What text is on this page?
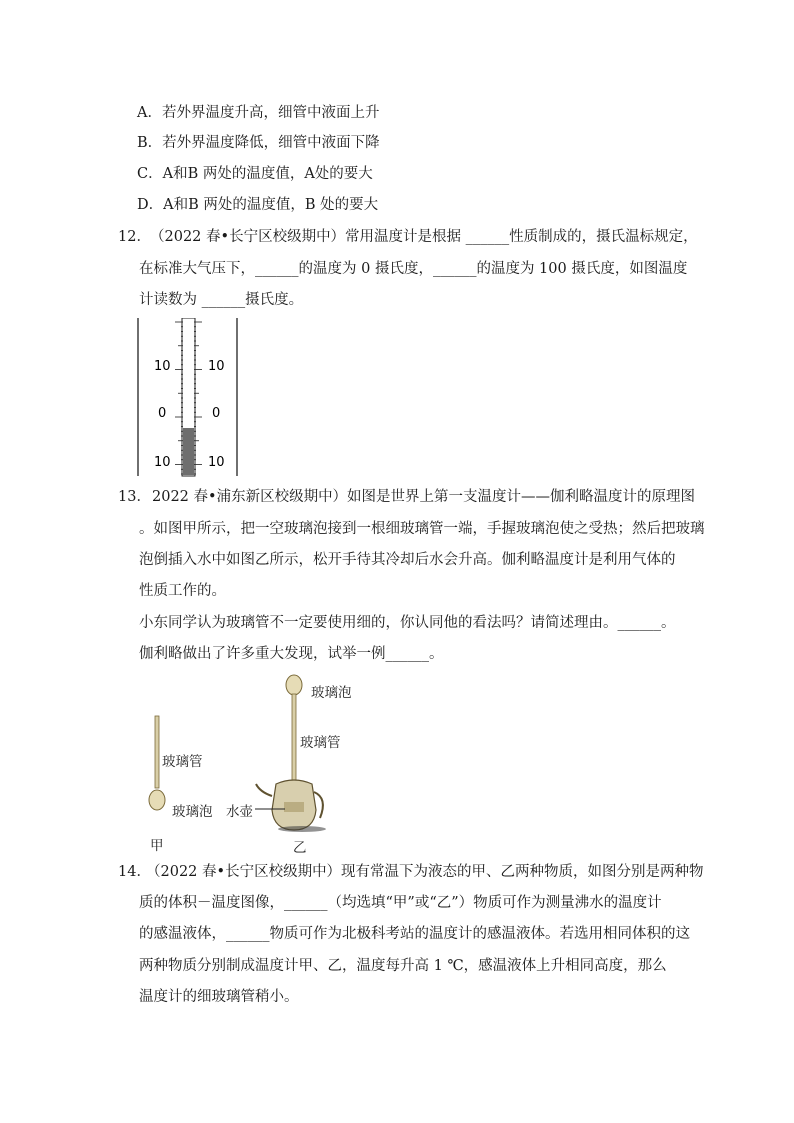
A．若外界温度升高，细管中液面上升
B．若外界温度降低，细管中液面下降
C．A和B 两处的温度值，A处的要大
D．A和B 两处的温度值，B 处的要大
12． （2022 春•长宁区校级期中）常用温度计是根据 ______性质制成的，摄氏温标规定，
在标准大气压下，______的温度为 0 摄氏度，______的温度为 100 摄氏度，如图温度
计读数为 ______摄氏度。
10
0
10
10
0
10
13． 2022 春•浦东新区校级期中）如图是世界上第一支温度计——伽利略温度计的原理图
。如图甲所示，把一空玻璃泡接到一根细玻璃管一端，手握玻璃泡使之受热；然后把玻璃
泡倒插入水中如图乙所示，松开手待其冷却后水会升高。伽利略温度计是利用气体的
性质工作的。
小东同学认为玻璃管不一定要使用细的，你认同他的看法吗？请简述理由。______。
伽利略做出了许多重大发现，试举一例______。
玻璃管
玻璃泡
甲
玻璃泡
玻璃管
水壶
乙
14．
（2022 春•长宁区校级期中）现有常温下为液态的甲、乙两种物质，如图分别是两种物
质的体积－温度图像，______（均选填“甲”或“乙”）物质可作为测量沸水的温度计
的感温液体，______物质可作为北极科考站的温度计的感温液体。若选用相同体积的这
两种物质分别制成温度计甲、乙，温度每升高 1 ℃，感温液体上升相同高度，那么
温度计的细玻璃管稍小。
